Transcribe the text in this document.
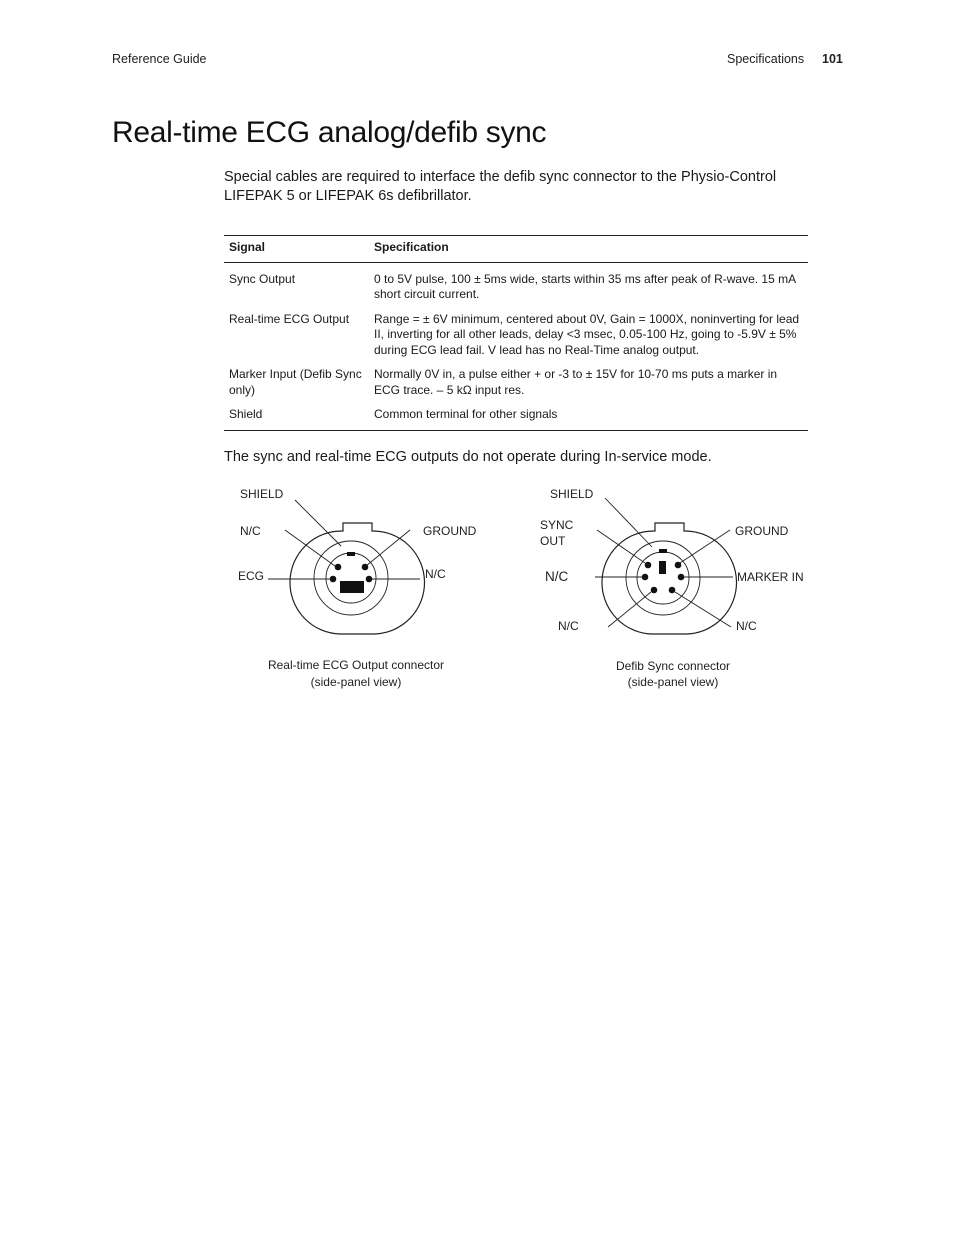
Reference Guide	Specifications 101
Real-time ECG analog/defib sync

Special cables are required to interface the defib sync connector to the Physio-Control LIFEPAK 5 or LIFEPAK 6s defibrillator.

Signal	Specification
Sync Output	0 to 5V pulse, 100 ± 5ms wide, starts within 35 ms after peak of R-wave. 15 mA short circuit current.
Real-time ECG Output	Range = ± 6V minimum, centered about 0V, Gain = 1000X, noninverting for lead II, inverting for all other leads, delay <3 msec, 0.05-100 Hz, going to -5.9V ± 5% during ECG lead fail. V lead has no Real-Time analog output.
Marker Input (Defib Sync only)	Normally 0V in, a pulse either + or -3 to ± 15V for 10-70 ms puts a marker in ECG trace. – 5 kΩ input res.
Shield	Common terminal for other signals

The sync and real-time ECG outputs do not operate during In-service mode.

SHIELD
N/C	GROUND
ECG	N/C
Real-time ECG Output connector
(side-panel view)
SHIELD
SYNC
OUT
GROUND
N/C	MARKER IN
N/C	N/C
Defib Sync connector
(side-panel view)
